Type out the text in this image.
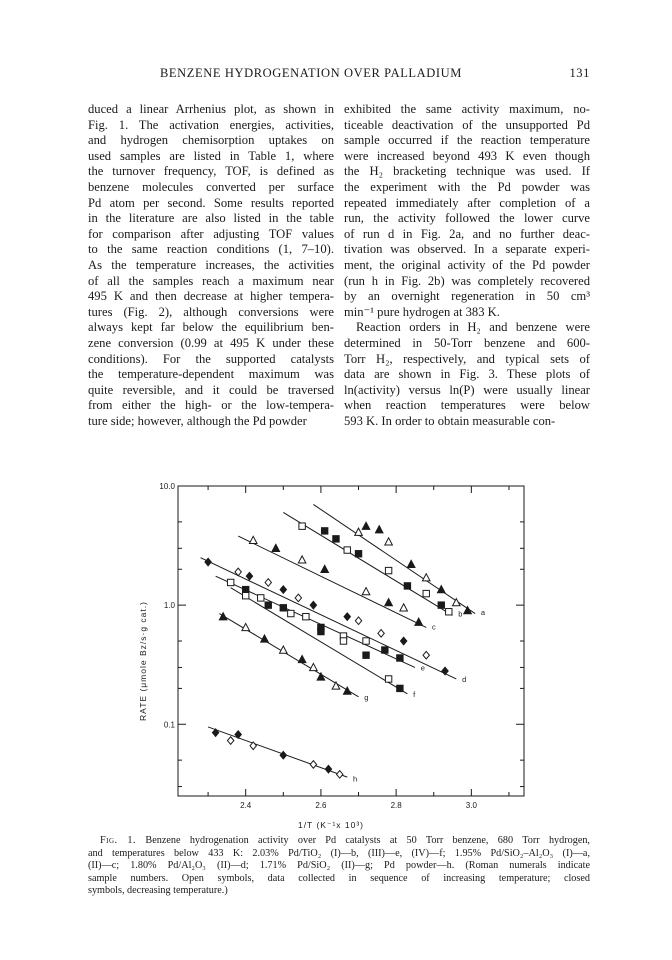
BENZENE HYDROGENATION OVER PALLADIUM	131
duced a linear Arrhenius plot, as shown in
Fig. 1. The activation energies, activities,
and hydrogen chemisorption uptakes on
used samples are listed in Table 1, where
the turnover frequency, TOF, is defined as
benzene molecules converted per surface
Pd atom per second. Some results reported
in the literature are also listed in the table
for comparison after adjusting TOF values
to the same reaction conditions (1, 7–10).
As the temperature increases, the activities
of all the samples reach a maximum near
495 K and then decrease at higher tempera-
tures (Fig. 2), although conversions were
always kept far below the equilibrium ben-
zene conversion (0.99 at 495 K under these
conditions). For the supported catalysts
the temperature-dependent maximum was
quite reversible, and it could be traversed
from either the high- or the low-tempera-
ture side; however, although the Pd powder
exhibited the same activity maximum, no-
ticeable deactivation of the unsupported Pd
sample occurred if the reaction temperature
were increased beyond 493 K even though
the H₂ bracketing technique was used. If
the experiment with the Pd powder was
repeated immediately after completion of a
run, the activity followed the lower curve
of run d in Fig. 2a, and no further deac-
tivation was observed. In a separate experi-
ment, the original activity of the Pd powder
(run h in Fig. 2b) was completely recovered
by an overnight regeneration in 50 cm³
min⁻¹ pure hydrogen at 383 K.
Reaction orders in H₂ and benzene were
determined in 50-Torr benzene and 600-
Torr H₂, respectively, and typical sets of
data are shown in Fig. 3. These plots of
ln(activity) versus ln(P) were usually linear
when reaction temperatures were below
593 K. In order to obtain measurable con-
2.4	2.6	2.8	3.0
10.0
1.0
0.1
1/T (K⁻¹x 10³)
RATE (μmole Bz/s·g cat.)	a
b
c
d
e
f
g
h
Fig. 1. Benzene hydrogenation activity over Pd catalysts at 50 Torr benzene, 680 Torr hydrogen,
and temperatures below 433 K: 2.03% Pd/TiO₂ (I)—b, (III)—e, (IV)—f; 1.95% Pd/SiO₂–Al₂O₃ (I)—a,
(II)—c; 1.80% Pd/Al₂O₃ (II)—d; 1.71% Pd/SiO₂ (II)—g; Pd powder—h. (Roman numerals indicate
sample numbers. Open symbols, data collected in sequence of increasing temperature; closed
symbols, decreasing temperature.)
